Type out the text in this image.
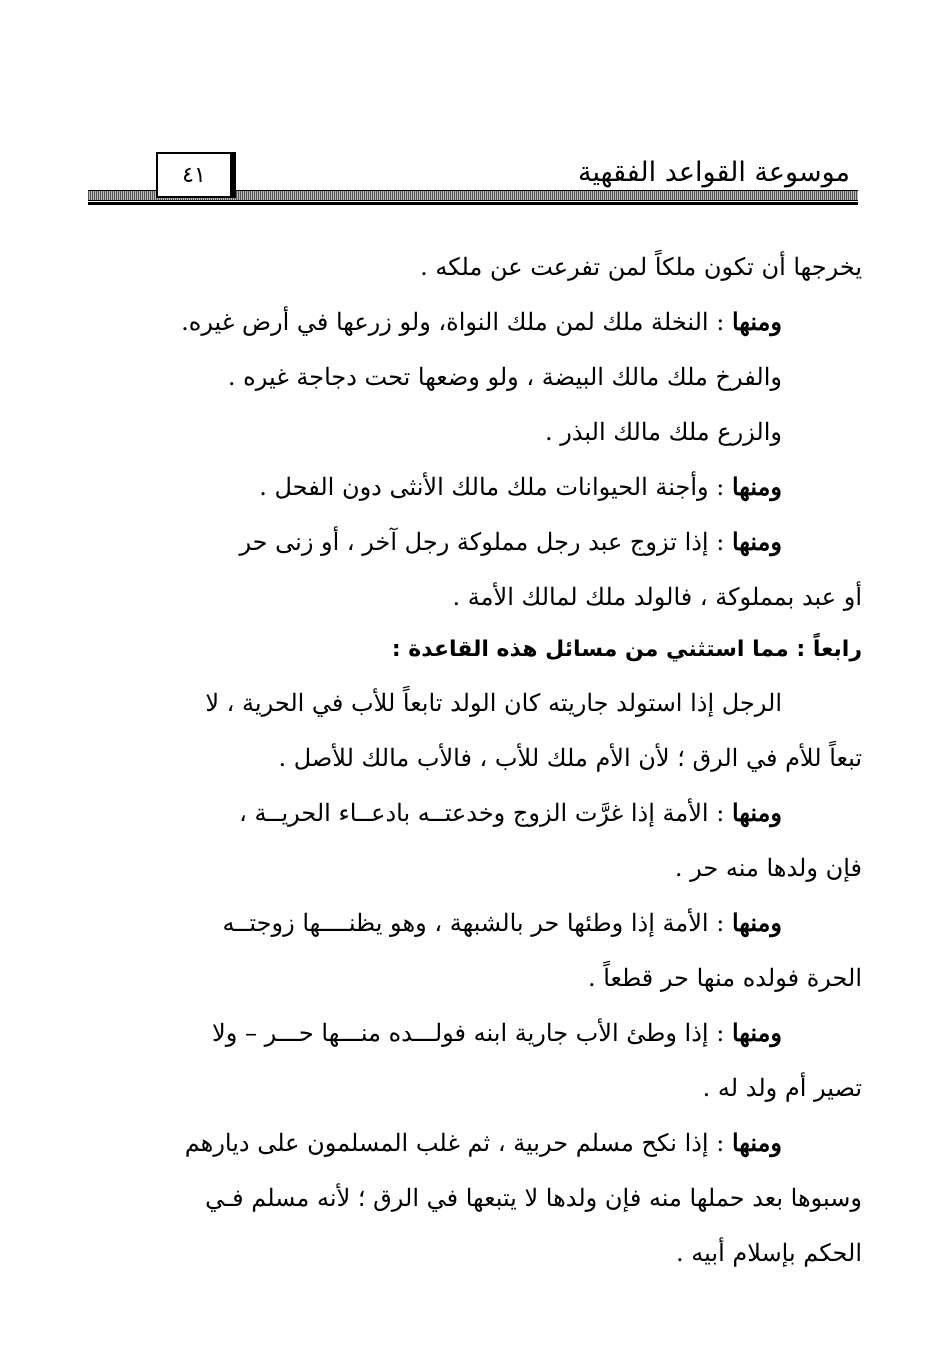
موسوعة القواعد الفقهية
٤١
يخرجها أن تكون ملكاً لمن تفرعت عن ملكه .
ومنها : النخلة ملك لمن ملك النواة، ولو زرعها في أرض غيره.
والفرخ ملك مالك البيضة ، ولو وضعها تحت دجاجة غيره .
والزرع ملك مالك البذر .
ومنها : وأجنة الحيوانات ملك مالك الأنثى دون الفحل .
ومنها : إذا تزوج عبد رجل مملوكة رجل آخر ، أو زنى حر
أو عبد بمملوكة ، فالولد ملك لمالك الأمة .
رابعاً : مما استثني من مسائل هذه القاعدة :
الرجل إذا استولد جاريته كان الولد تابعاً للأب في الحرية ، لا
تبعاً للأم في الرق ؛ لأن الأم ملك للأب ، فالأب مالك للأصل .
ومنها : الأمة إذا غرَّت الزوج وخدعتــه بادعــاء الحريــة ،
فإن ولدها منه حر .
ومنها : الأمة إذا وطئها حر بالشبهة ، وهو يظنــــها زوجتــه
الحرة فولده منها حر قطعاً .
ومنها : إذا وطئ الأب جارية ابنه فولـــده منـــها حـــر – ولا
تصير أم ولد له .
ومنها : إذا نكح مسلم حربية ، ثم غلب المسلمون على ديارهم
وسبوها بعد حملها منه فإن ولدها لا يتبعها في الرق ؛ لأنه مسلم فـي
الحكم بإسلام أبيه .
